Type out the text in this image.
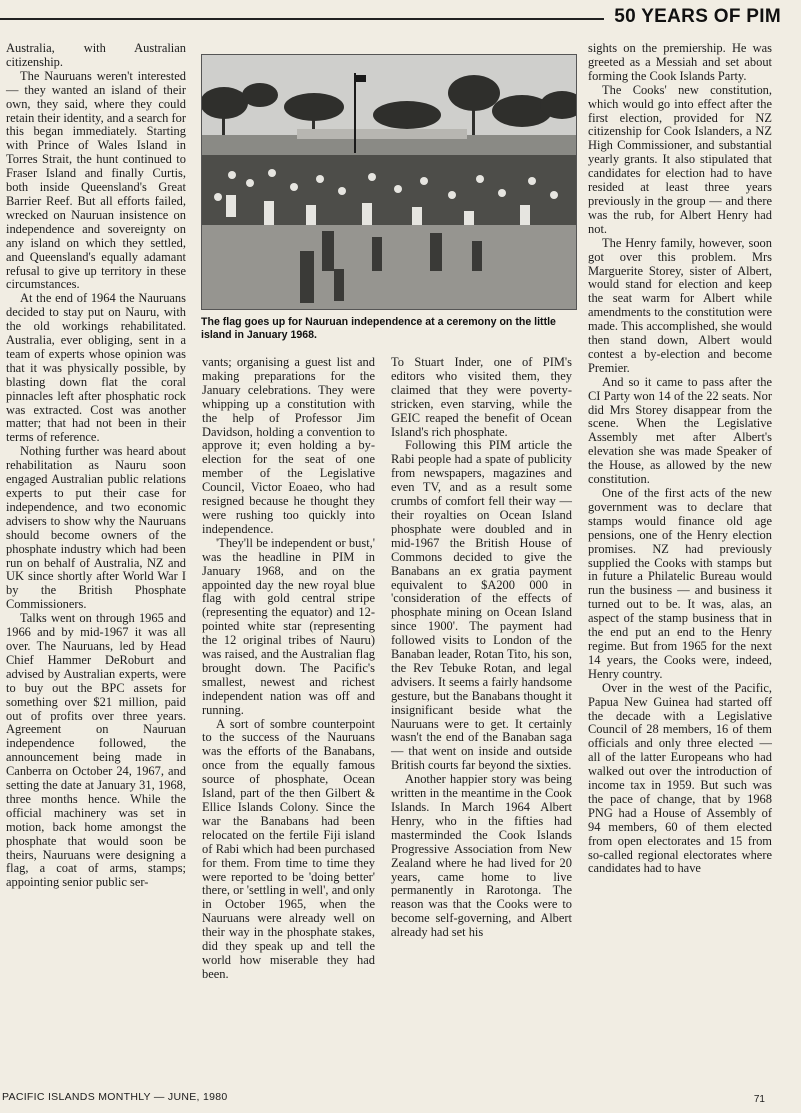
50 YEARS OF PIM

Australia, with Australian citizenship.

The Nauruans weren't interested — they wanted an island of their own, they said, where they could retain their identity, and a search for this began immediately. Starting with Prince of Wales Island in Torres Strait, the hunt continued to Fraser Island and finally Curtis, both inside Queensland's Great Barrier Reef. But all efforts failed, wrecked on Nauruan insistence on independence and sovereignty on any island on which they settled, and Queensland's equally adamant refusal to give up territory in these circumstances.

At the end of 1964 the Nauruans decided to stay put on Nauru, with the old workings rehabilitated. Australia, ever obliging, sent in a team of experts whose opinion was that it was physically possible, by blasting down flat the coral pinnacles left after phosphatic rock was extracted. Cost was another matter; that had not been in their terms of reference.

Nothing further was heard about rehabilitation as Nauru soon engaged Australian public relations experts to put their case for independence, and two economic advisers to show why the Nauruans should become owners of the phosphate industry which had been run on behalf of Australia, NZ and UK since shortly after World War I by the British Phosphate Commissioners.

Talks went on through 1965 and 1966 and by mid-1967 it was all over. The Nauruans, led by Head Chief Hammer DeRoburt and advised by Australian experts, were to buy out the BPC assets for something over $21 million, paid out of profits over three years. Agreement on Nauruan independence followed, the announcement being made in Canberra on October 24, 1967, and setting the date at January 31, 1968, three months hence. While the official machinery was set in motion, back home amongst the phosphate that would soon be theirs, Nauruans were designing a flag, a coat of arms, stamps; appointing senior public ser-

The flag goes up for Nauruan independence at a ceremony on the little island in January 1968.

vants; organising a guest list and making preparations for the January celebrations. They were whipping up a constitution with the help of Professor Jim Davidson, holding a convention to approve it; even holding a by-election for the seat of one member of the Legislative Council, Victor Eoaeo, who had resigned because he thought they were rushing too quickly into independence.

'They'll be independent or bust,' was the headline in PIM in January 1968, and on the appointed day the new royal blue flag with gold central stripe (representing the equator) and 12-pointed white star (representing the 12 original tribes of Nauru) was raised, and the Australian flag brought down. The Pacific's smallest, newest and richest independent nation was off and running.

A sort of sombre counterpoint to the success of the Nauruans was the efforts of the Banabans, once from the equally famous source of phosphate, Ocean Island, part of the then Gilbert & Ellice Islands Colony. Since the war the Banabans had been relocated on the fertile Fiji island of Rabi which had been purchased for them. From time to time they were reported to be 'doing better' there, or 'settling in well', and only in October 1965, when the Nauruans were already well on their way in the phosphate stakes, did they speak up and tell the world how miserable they had been.

To Stuart Inder, one of PIM's editors who visited them, they claimed that they were poverty-stricken, even starving, while the GEIC reaped the benefit of Ocean Island's rich phosphate.

Following this PIM article the Rabi people had a spate of publicity from newspapers, magazines and even TV, and as a result some crumbs of comfort fell their way — their royalties on Ocean Island phosphate were doubled and in mid-1967 the British House of Commons decided to give the Banabans an ex gratia payment equivalent to $A200 000 in 'consideration of the effects of phosphate mining on Ocean Island since 1900'. The payment had followed visits to London of the Banaban leader, Rotan Tito, his son, the Rev Tebuke Rotan, and legal advisers. It seems a fairly handsome gesture, but the Banabans thought it insignificant beside what the Nauruans were to get. It certainly wasn't the end of the Banaban saga — that went on inside and outside British courts far beyond the sixties.

Another happier story was being written in the meantime in the Cook Islands. In March 1964 Albert Henry, who in the fifties had masterminded the Cook Islands Progressive Association from New Zealand where he had lived for 20 years, came home to live permanently in Rarotonga. The reason was that the Cooks were to become self-governing, and Albert already had set his

sights on the premiership. He was greeted as a Messiah and set about forming the Cook Islands Party.

The Cooks' new constitution, which would go into effect after the first election, provided for NZ citizenship for Cook Islanders, a NZ High Commissioner, and substantial yearly grants. It also stipulated that candidates for election had to have resided at least three years previously in the group — and there was the rub, for Albert Henry had not.

The Henry family, however, soon got over this problem. Mrs Marguerite Storey, sister of Albert, would stand for election and keep the seat warm for Albert while amendments to the constitution were made. This accomplished, she would then stand down, Albert would contest a by-election and become Premier.

And so it came to pass after the CI Party won 14 of the 22 seats. Nor did Mrs Storey disappear from the scene. When the Legislative Assembly met after Albert's elevation she was made Speaker of the House, as allowed by the new constitution.

One of the first acts of the new government was to declare that stamps would finance old age pensions, one of the Henry election promises. NZ had previously supplied the Cooks with stamps but in future a Philatelic Bureau would run the business — and business it turned out to be. It was, alas, an aspect of the stamp business that in the end put an end to the Henry regime. But from 1965 for the next 14 years, the Cooks were, indeed, Henry country.

Over in the west of the Pacific, Papua New Guinea had started off the decade with a Legislative Council of 28 members, 16 of them officials and only three elected — all of the latter Europeans who had walked out over the introduction of income tax in 1959. But such was the pace of change, that by 1968 PNG had a House of Assembly of 94 members, 60 of them elected from open electorates and 15 from so-called regional electorates where candidates had to have

PACIFIC ISLANDS MONTHLY — JUNE, 1980	71
